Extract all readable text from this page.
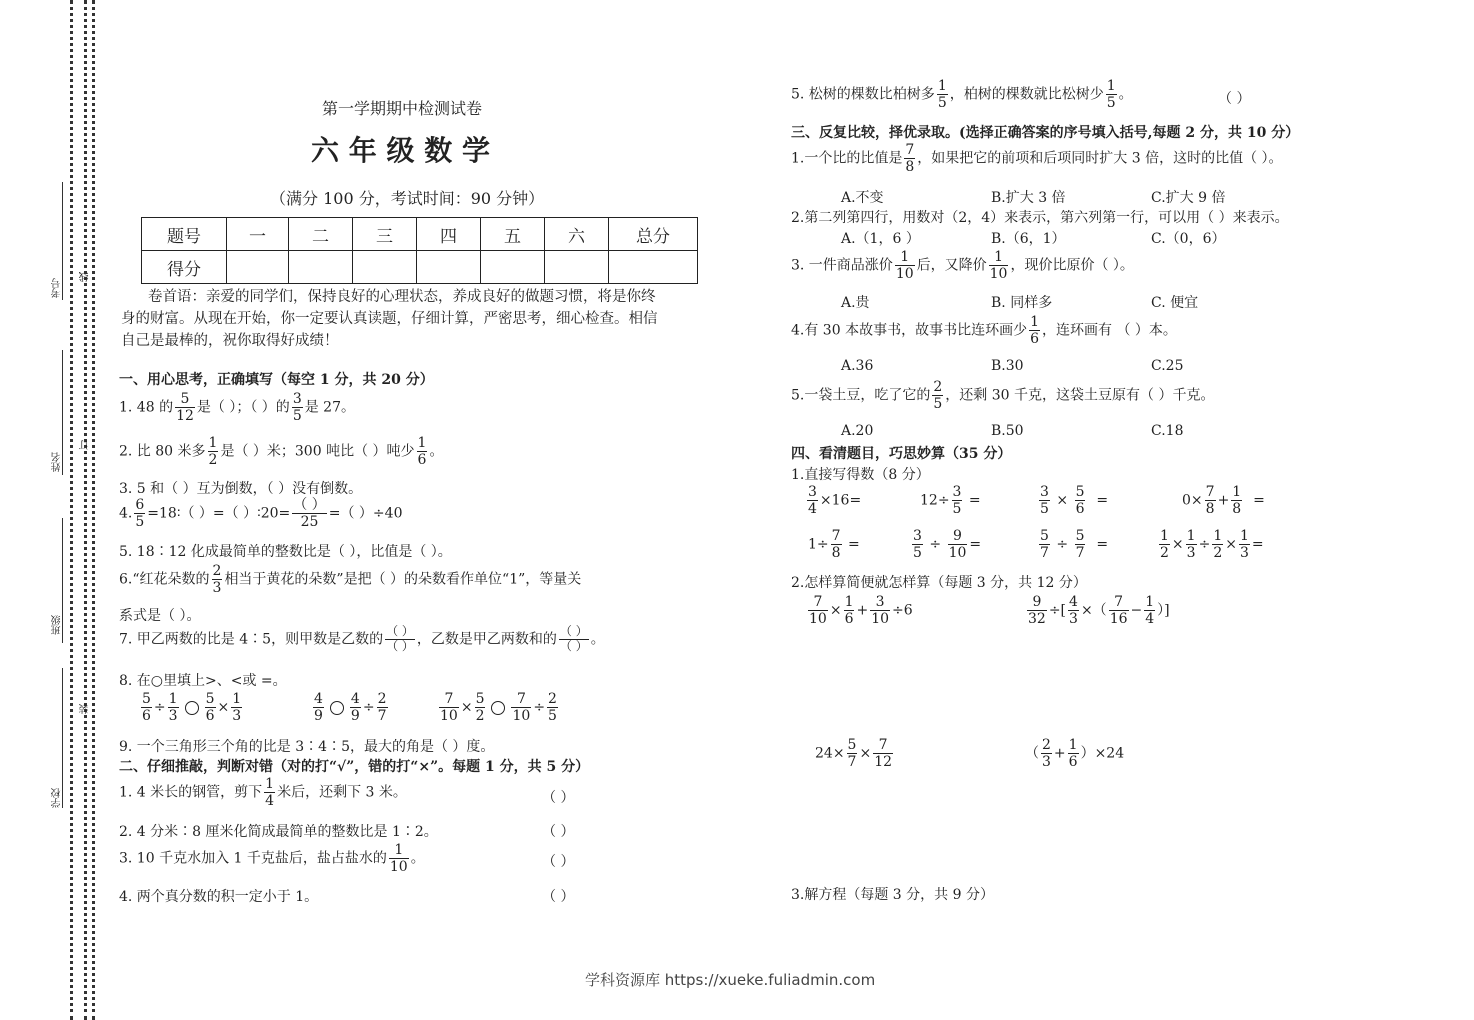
考号
姓名
班级
学校
线
订
装
第一学期期中检测试卷
六 年 级 数 学
（满分 100 分，考试时间：90 分钟）
题号	一	二	三	四	五	六	总分
得分							
卷首语：亲爱的同学们，保持良好的心理状态，养成良好的做题习惯，将是你终
身的财富。从现在开始，你一定要认真读题，仔细计算，严密思考，细心检查。相信
自己是最棒的，祝你取得好成绩！
一、用心思考，正确填写（每空 1 分，共 20 分）
1. 48 的 $\frac{5}{12}$ 是（ ）；（ ）的 $\frac{3}{5}$ 是 27。
2. 比 80 米多 $\frac{1}{2}$ 是（ ）米；300 吨比（ ）吨少 $\frac{1}{6}$ 。
3. 5 和（ ）互为倒数，（ ）没有倒数。
4. $\frac{6}{5}$ =18∶（ ）=（ ）∶20=
（ ）
25
=（ ）÷40
5. 18∶12 化成最简单的整数比是（ ），比值是（ ）。
6.“红花朵数的 $\frac{2}{3}$ 相当于黄花的朵数”是把（ ）的朵数看作单位“1”，等量关
系式是（ ）。
7. 甲乙两数的比是 4∶5，则甲数是乙数的
（ ）
（ ） ，乙数是甲乙两数和的
（ ）
（ ） 。
8. 在○里填上>、<或 =。
$\frac{5}{6} \div \frac{1}{3} \frac{5}{6} \times \frac{1}{3}$	$\frac{4}{9} \frac{4}{9} \div \frac{2}{7}$	$\frac{7}{10} \times \frac{5}{2} \frac{7}{10} \div \frac{2}{5}$
9. 一个三角形三个角的比是 3∶4∶5，最大的角是（ ）度。
二、仔细推敲，判断对错（对的打“√”，错的打“×”。每题 1 分，共 5 分）
1. 4 米长的钢管，剪下 $\frac{1}{4}$ 米后，还剩下 3 米。
2. 4 分米∶8 厘米化简成最简单的整数比是 1∶2。
3. 10 千克水加入 1 千克盐后，盐占盐水的 $\frac{1}{10}$ 。
4. 两个真分数的积一定小于 1。
（ ）
（ ）
（ ）
（ ）
5. 松树的棵数比柏树多 $\frac{1}{5}$ ，柏树的棵数就比松树少 $\frac{1}{5}$ 。	（ ）
三、反复比较，择优录取。(选择正确答案的序号填入括号,每题 2 分，共 10 分）
1.一个比的比值是 $\frac{7}{8}$ ，如果把它的前项和后项同时扩大 3 倍，这时的比值（ ）。
A.不变	B.扩大 3 倍	C.扩大 9 倍
2.第二列第四行，用数对（2，4）来表示，第六列第一行，可以用（ ）来表示。
A.（1，6 ）	B.（6，1）	C.（0，6）
3. 一件商品涨价 $\frac{1}{10}$ 后，又降价 $\frac{1}{10}$ ，现价比原价（ ）。
A.贵	B. 同样多	C. 便宜
4.有 30 本故事书，故事书比连环画少 $\frac{1}{6}$ ，连环画有 （ ）本。
A.36	B.30	C.25
5.一袋土豆，吃了它的 $\frac{2}{5}$ ，还剩 30 千克，这袋土豆原有（ ）千克。
A.20	B.50	C.18
四、看清题目，巧思妙算（35 分）
1.直接写得数（8 分）
$\frac{3}{4} \times 16=$	$12\div \frac{3}{5}$ =	$\frac{3}{5} \times \frac{5}{6}$ =	$0\times \frac{7}{8} + \frac{1}{8}$ =
$1\div \frac{7}{8}$ =	$\frac{3}{5} \div \frac{9}{10}$ =	$\frac{5}{7} \div \frac{5}{7}$ =	$\frac{1}{2} \times \frac{1}{3} \div \frac{1}{2} \times \frac{1}{3}$ =
2.怎样算简便就怎样算（每题 3 分，共 12 分）
$\frac{7}{10} \times \frac{1}{6} + \frac{3}{10} \div 6$	$\frac{9}{32}$ ÷[ $\frac{4}{3}$ ×（ $\frac{7}{16} - \frac{1}{4}$ ）]
$24\times \frac{5}{7} \times \frac{7}{12}$	（ $\frac{2}{3} + \frac{1}{6} )\times 24$
3.解方程（每题 3 分，共 9 分）
学科资源库 https://xueke.fuliadmin.com
